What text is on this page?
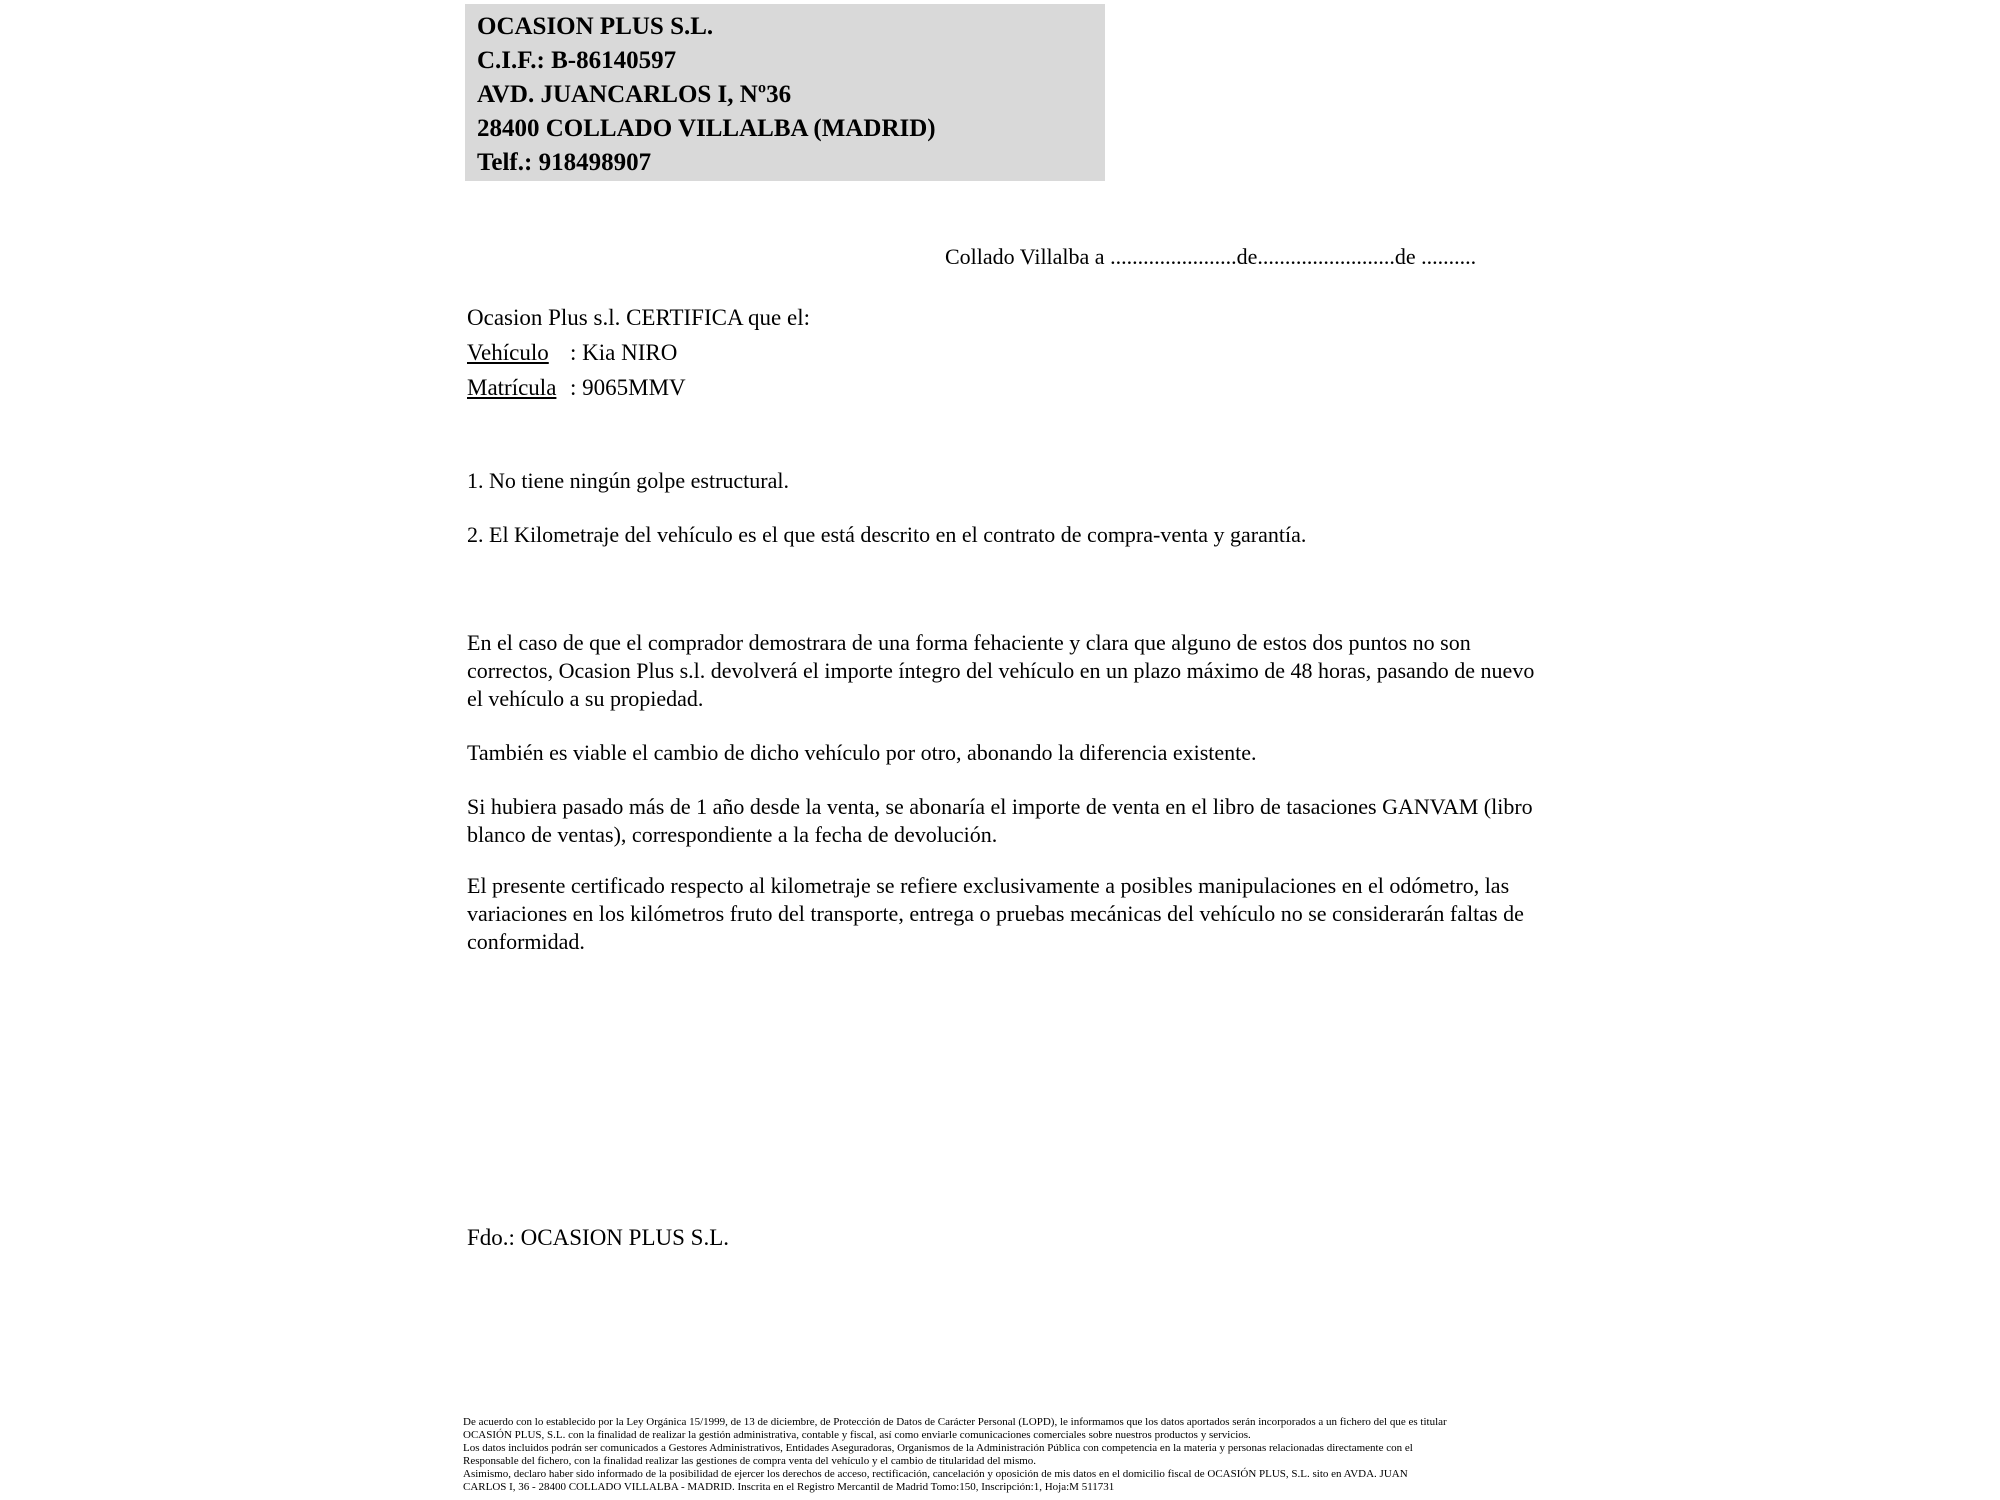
OCASION PLUS S.L.
C.I.F.: B-86140597
AVD. JUANCARLOS I, Nº36
28400 COLLADO VILLALBA (MADRID)
Telf.: 918498907
Collado Villalba a .......................de.........................de ..........
Ocasion Plus s.l. CERTIFICA que el:
Vehículo : Kia NIRO
Matrícula : 9065MMV
1. No tiene ningún golpe estructural.
2. El Kilometraje del vehículo es el que está descrito en el contrato de compra-venta y garantía.
En el caso de que el comprador demostrara de una forma fehaciente y clara que alguno de estos dos puntos no son correctos, Ocasion Plus s.l. devolverá el importe íntegro del vehículo en un plazo máximo de 48 horas, pasando de nuevo el vehículo a su propiedad.
También es viable el cambio de dicho vehículo por otro, abonando la diferencia existente.
Si hubiera pasado más de 1 año desde la venta, se abonaría el importe de venta en el libro de tasaciones GANVAM (libro blanco de ventas), correspondiente a la fecha de devolución.
El presente certificado respecto al kilometraje se refiere exclusivamente a posibles manipulaciones en el odómetro, las variaciones en los kilómetros fruto del transporte, entrega o pruebas mecánicas del vehículo no se considerarán faltas de conformidad.
Fdo.: OCASION PLUS S.L.
De acuerdo con lo establecido por la Ley Orgánica 15/1999, de 13 de diciembre, de Protección de Datos de Carácter Personal (LOPD), le informamos que los datos aportados serán incorporados a un fichero del que es titular
OCASIÓN PLUS, S.L. con la finalidad de realizar la gestión administrativa, contable y fiscal, así como enviarle comunicaciones comerciales sobre nuestros productos y servicios.
Los datos incluidos podrán ser comunicados a Gestores Administrativos, Entidades Aseguradoras, Organismos de la Administración Pública con competencia en la materia y personas relacionadas directamente con el
Responsable del fichero, con la finalidad realizar las gestiones de compra venta del vehículo y el cambio de titularidad del mismo.
Asimismo, declaro haber sido informado de la posibilidad de ejercer los derechos de acceso, rectificación, cancelación y oposición de mis datos en el domicilio fiscal de OCASIÓN PLUS, S.L. sito en AVDA. JUAN
CARLOS I, 36 - 28400 COLLADO VILLALBA - MADRID. Inscrita en el Registro Mercantil de Madrid Tomo:150, Inscripción:1, Hoja:M 511731
